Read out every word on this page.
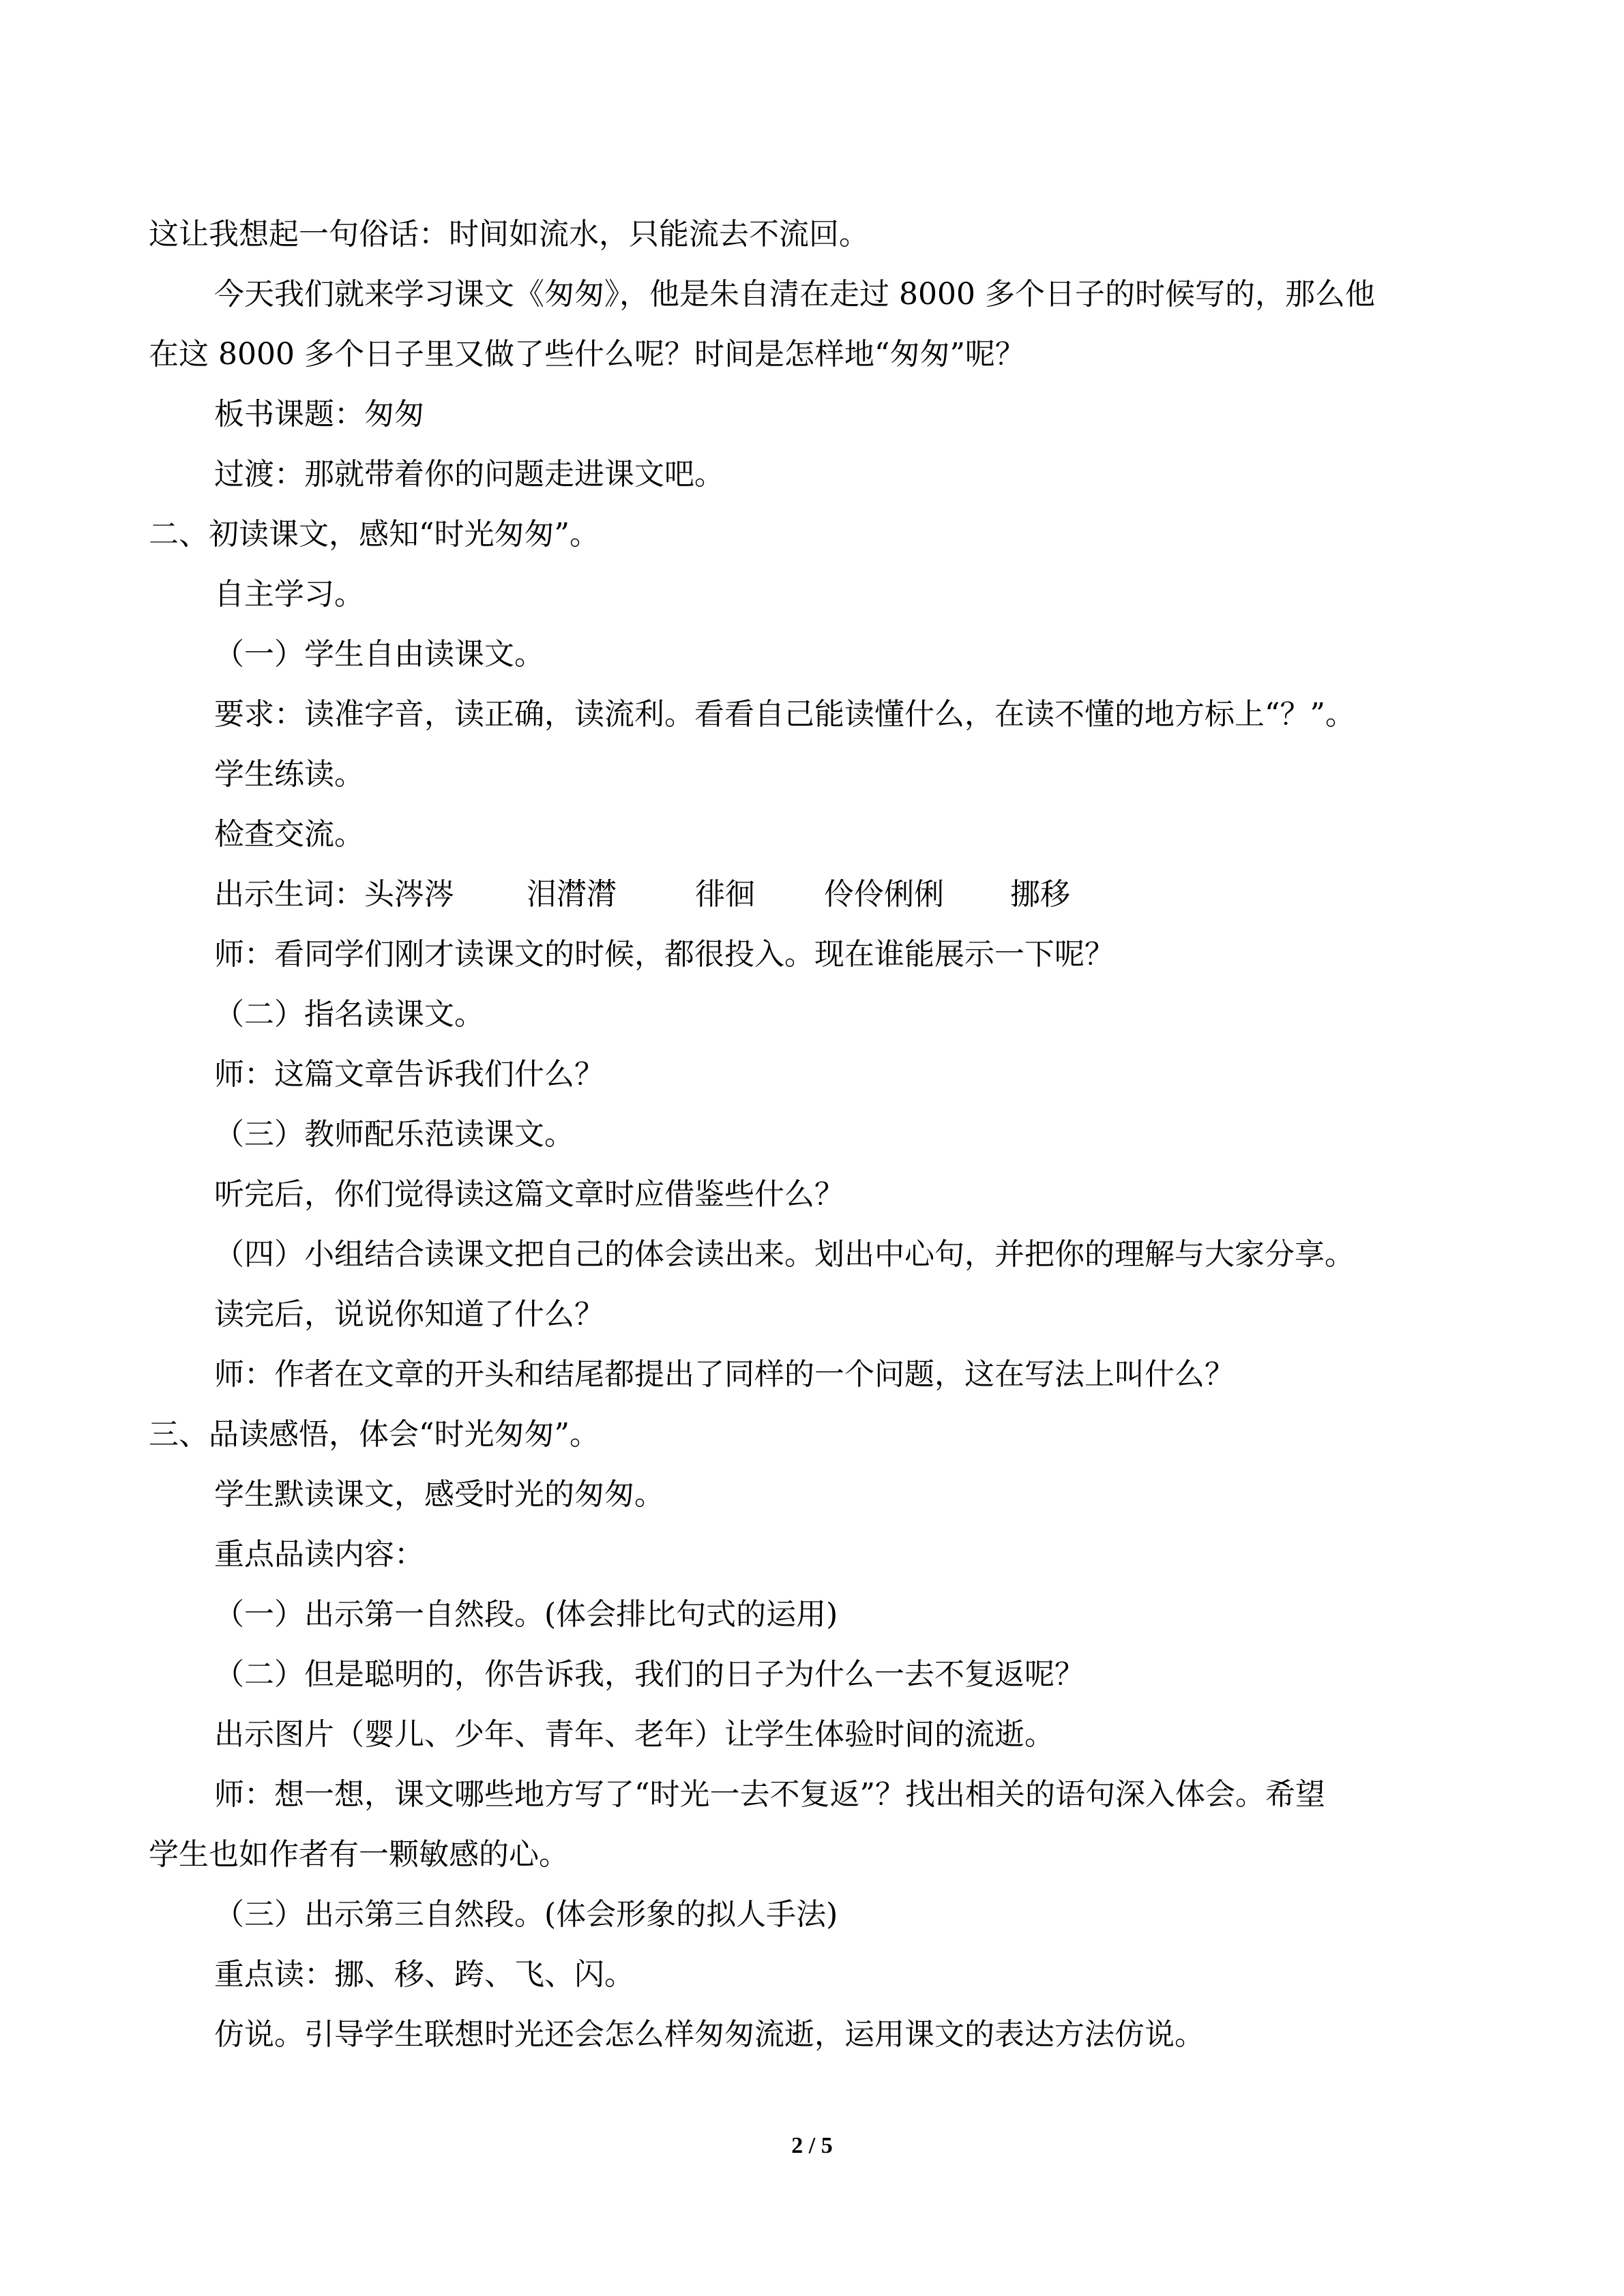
这让我想起一句俗话：时间如流水，只能流去不流回。
今天我们就来学习课文《匆匆》，他是朱自清在走过 8000 多个日子的时候写的，那么他
在这 8000 多个日子里又做了些什么呢？时间是怎样地“匆匆”呢？
板书课题：匆匆
过渡：那就带着你的问题走进课文吧。
二、初读课文，感知“时光匆匆”。
自主学习。
（一）学生自由读课文。
要求：读准字音，读正确，读流利。看看自己能读懂什么，在读不懂的地方标上“？”。
学生练读。
检查交流。
出示生词： 头涔涔 泪潸潸	徘徊 伶伶俐俐 挪移
师：看同学们刚才读课文的时候，都很投入。现在谁能展示一下呢？
（二）指名读课文。
师：这篇文章告诉我们什么？
（三）教师配乐范读课文。
听完后，你们觉得读这篇文章时应借鉴些什么？
（四）小组结合读课文把自己的体会读出来。划出中心句，并把你的理解与大家分享。
读完后，说说你知道了什么？
师：作者在文章的开头和结尾都提出了同样的一个问题，这在写法上叫什么？
三、品读感悟，体会“时光匆匆”。
学生默读课文，感受时光的匆匆。
重点品读内容：
（一）出示第一自然段。(体会排比句式的运用)
（二）但是聪明的，你告诉我，我们的日子为什么一去不复返呢？
出示图片（婴儿、少年、青年、老年）让学生体验时间的流逝。
师：想一想，课文哪些地方写了“时光一去不复返”？找出相关的语句深入体会。希望
学生也如作者有一颗敏感的心。
（三）出示第三自然段。(体会形象的拟人手法)
重点读：挪、移、跨、飞、闪。
仿说。引导学生联想时光还会怎么样匆匆流逝，运用课文的表达方法仿说。
2 / 5
